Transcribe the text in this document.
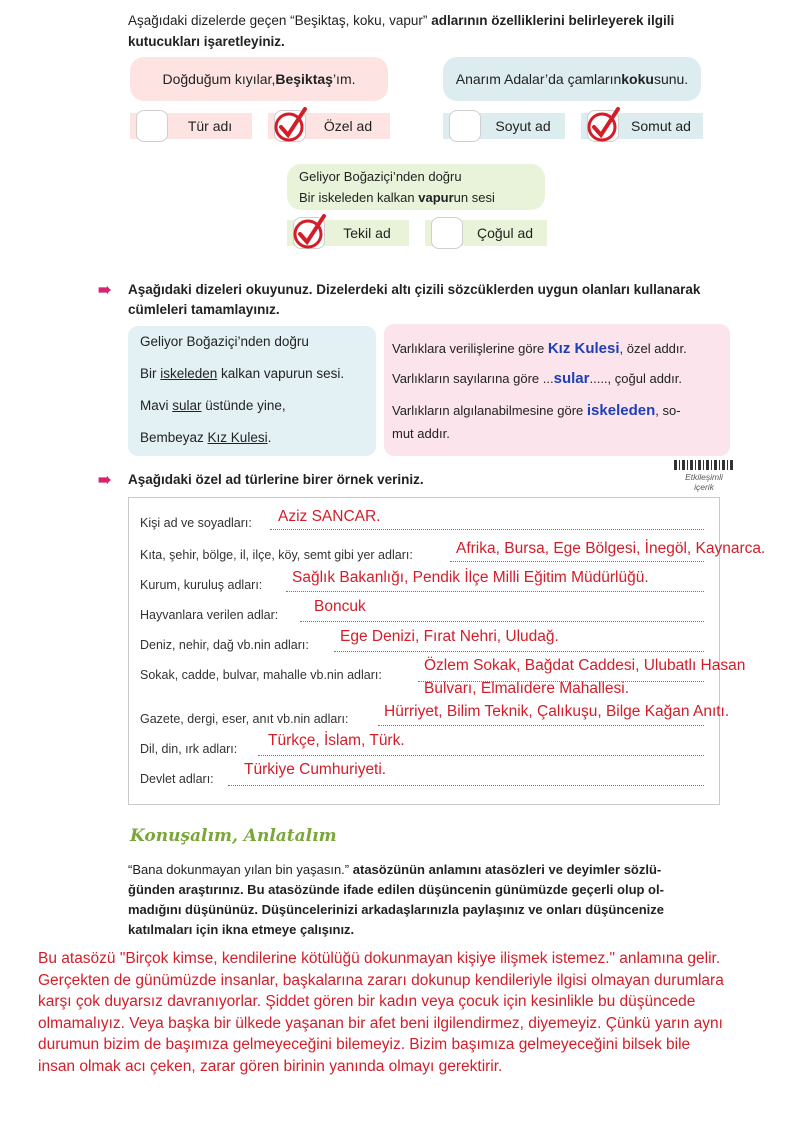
Aşağıdaki dizelerde geçen “Beşiktaş, koku, vapur” adlarının özelliklerini belirleyerek ilgili
kutucukları işaretleyiniz.
Doğduğum kıyılar, Beşiktaş ’ım.	Anarım Adalar’da çamların koku sunu.
Tür adı	Özel ad	Soyut ad	Somut ad
Geliyor Boğaziçi’nden doğru
Bir iskeleden kalkan vapurun sesi
Tekil ad	Çoğul ad
➠ Aşağıdaki dizeleri okuyunuz. Dizelerdeki altı çizili sözcüklerden uygun olanları kullanarak
cümleleri tamamlayınız.
Geliyor Boğaziçi’nden doğru
Bir iskeleden kalkan vapurun sesi.
Mavi sular üstünde yine,
Bembeyaz Kız Kulesi.
Varlıklara verilişlerine göre Kız Kulesi, özel addır.
Varlıkların sayılarına göre ...sular....., çoğul addır.
Varlıkların algılanabilmesine göre iskeleden, so-
mut addır.
➠ Aşağıdaki özel ad türlerine birer örnek veriniz.	Etkileşimli
içerik
Kişi ad ve soyadları: Aziz SANCAR.
Kıta, şehir, bölge, il, ilçe, köy, semt gibi yer adları:	Afrika, Bursa, Ege Bölgesi, İnegöl, Kaynarca.
Kurum, kuruluş adları: Sağlık Bakanlığı, Pendik İlçe Milli Eğitim Müdürlüğü.
Hayvanlara verilen adlar: Boncuk
Deniz, nehir, dağ vb.nin adları: Ege Denizi, Fırat Nehri, Uludağ.
Sokak, cadde, bulvar, mahalle vb.nin adları:
Özlem Sokak, Bağdat Caddesi, Ulubatlı Hasan
Bulvarı, Elmalıdere Mahallesi.
Gazete, dergi, eser, anıt vb.nin adları: Hürriyet, Bilim Teknik, Çalıkuşu, Bilge Kağan Anıtı.
Dil, din, ırk adları: Türkçe, İslam, Türk.
Devlet adları:
Türkiye Cumhuriyeti.
Konuşalım, Anlatalım
“Bana dokunmayan yılan bin yaşasın.” atasözünün anlamını atasözleri ve deyimler sözlü-
ğünden araştırınız. Bu atasözünde ifade edilen düşüncenin günümüzde geçerli olup ol-
madığını düşününüz. Düşüncelerinizi arkadaşlarınızla paylaşınız ve onları düşüncenize
katılmaları için ikna etmeye çalışınız.
Bu atasözü "Birçok kimse, kendilerine kötülüğü dokunmayan kişiye ilişmek istemez." anlamına gelir.
Gerçekten de günümüzde insanlar, başkalarına zararı dokunup kendileriyle ilgisi olmayan durumlara
karşı çok duyarsız davranıyorlar. Şiddet gören bir kadın veya çocuk için kesinlikle bu düşüncede
olmamalıyız. Veya başka bir ülkede yaşanan bir afet beni ilgilendirmez, diyemeyiz. Çünkü yarın aynı
durumun bizim de başımıza gelmeyeceğini bilemeyiz. Bizim başımıza gelmeyeceğini bilsek bile
insan olmak acı çeken, zarar gören birinin yanında olmayı gerektirir.
